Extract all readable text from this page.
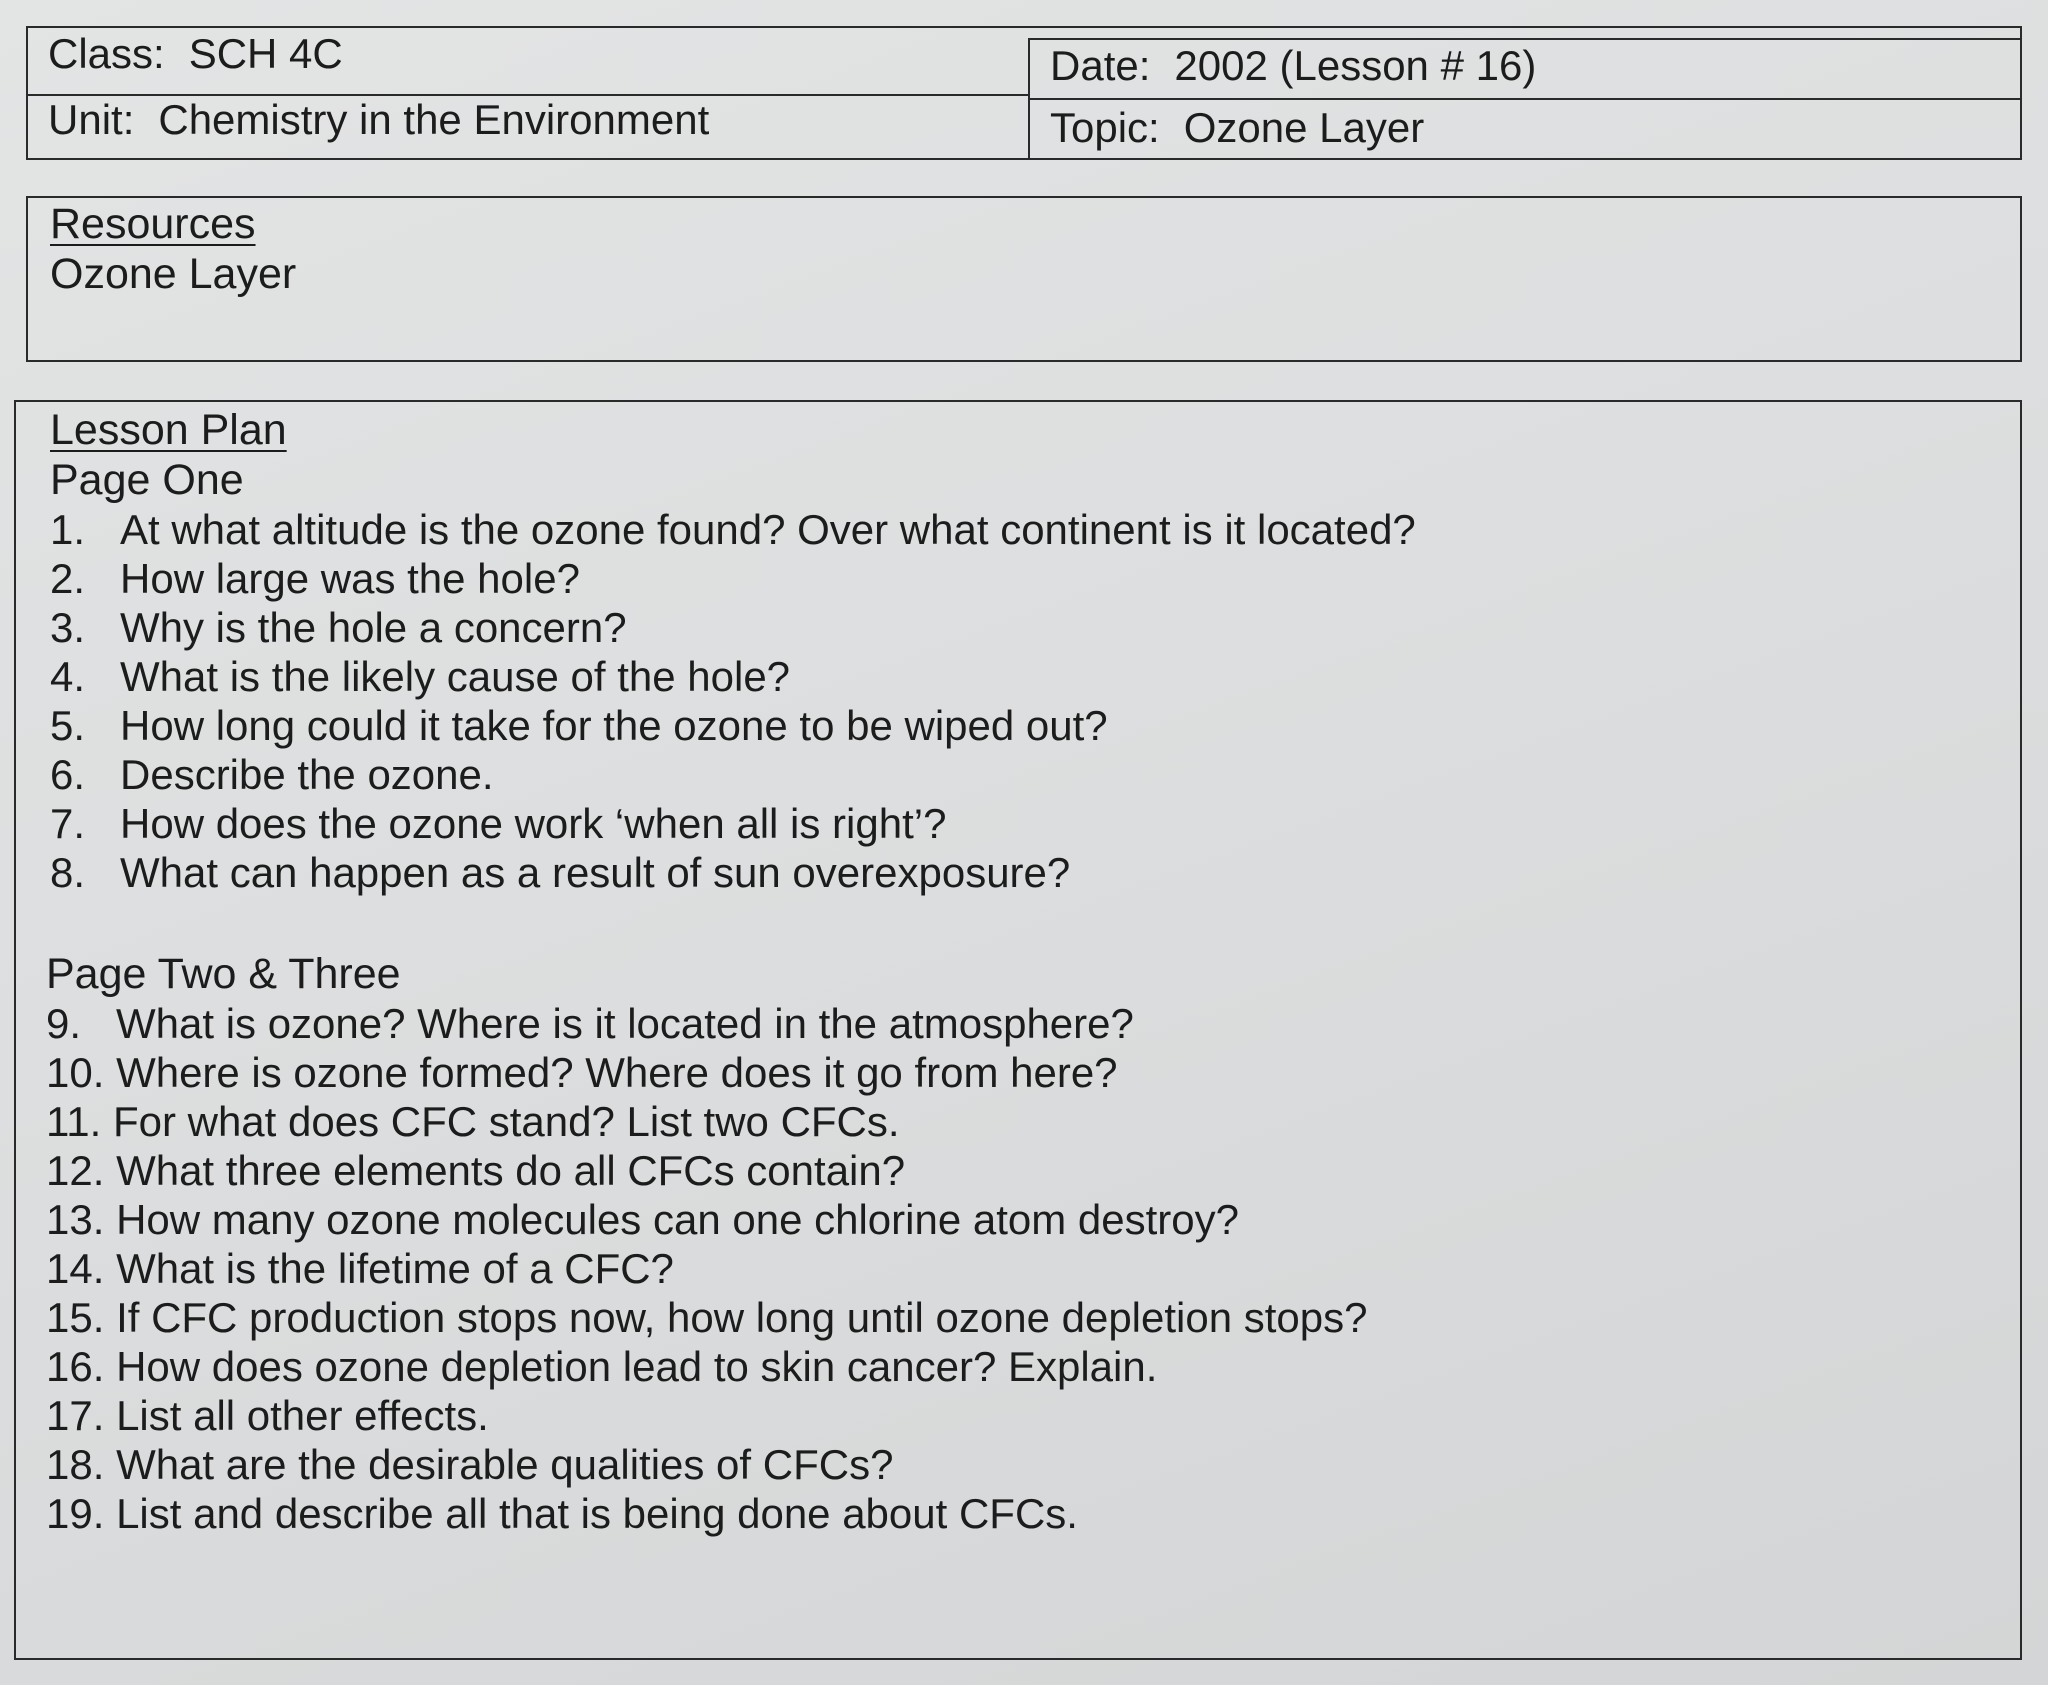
Class: SCH 4C
Unit: Chemistry in the Environment
Date: 2002 (Lesson # 16)
Topic: Ozone Layer
Resources
Ozone Layer
Lesson Plan
Page One
1. At what altitude is the ozone found? Over what continent is it located?
2. How large was the hole?
3. Why is the hole a concern?
4. What is the likely cause of the hole?
5. How long could it take for the ozone to be wiped out?
6. Describe the ozone.
7. How does the ozone work ‘when all is right’?
8. What can happen as a result of sun overexposure?
Page Two & Three
9. What is ozone? Where is it located in the atmosphere?
10. Where is ozone formed? Where does it go from here?
11. For what does CFC stand? List two CFCs.
12. What three elements do all CFCs contain?
13. How many ozone molecules can one chlorine atom destroy?
14. What is the lifetime of a CFC?
15. If CFC production stops now, how long until ozone depletion stops?
16. How does ozone depletion lead to skin cancer? Explain.
17. List all other effects.
18. What are the desirable qualities of CFCs?
19. List and describe all that is being done about CFCs.
